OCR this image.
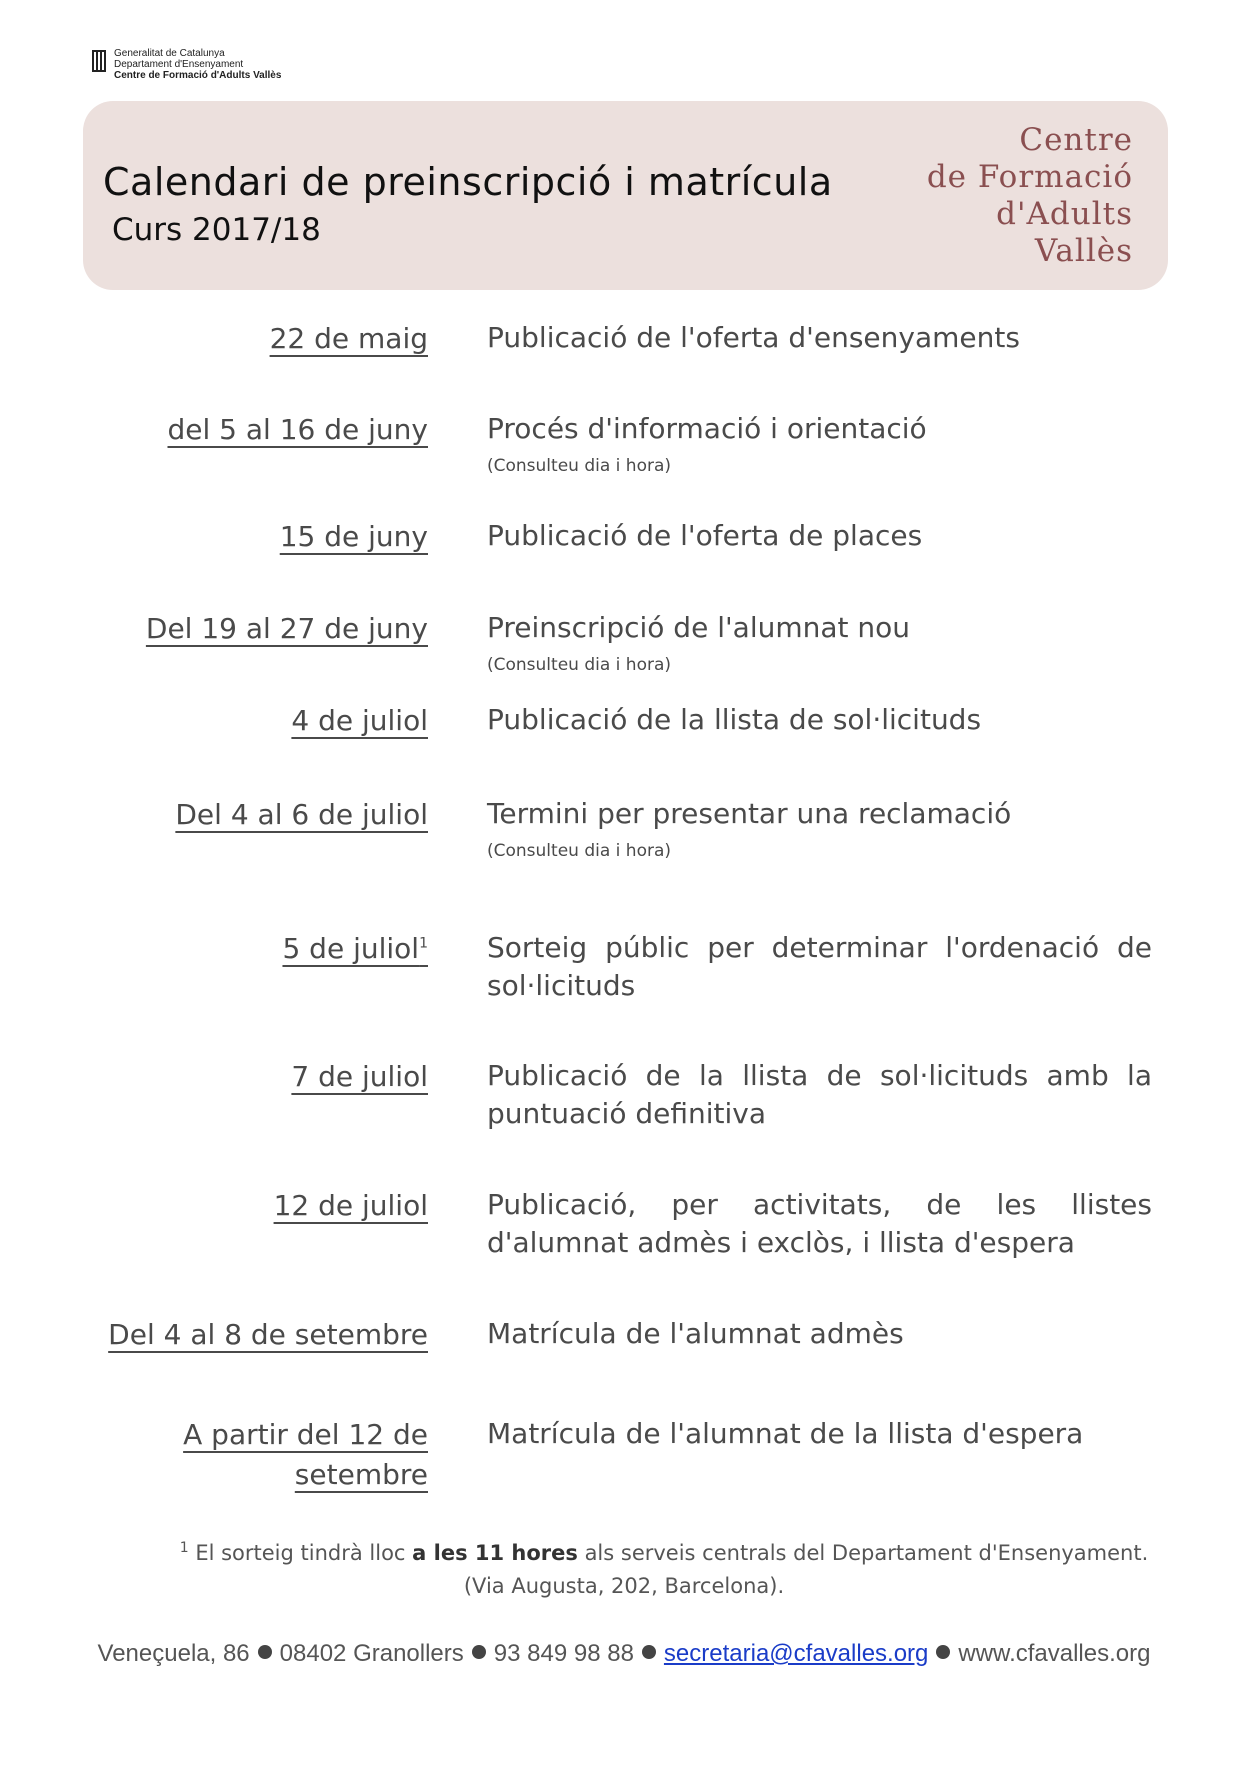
Generalitat de Catalunya
Departament d'Ensenyament
Centre de Formació d'Adults Vallès
Calendari de preinscripció i matrícula
Curs 2017/18
Centre
de Formació
d'Adults
Vallès
22 de maig Publicació de l'oferta d'ensenyaments
del 5 al 16 de juny Procés d'informació i orientació
(Consulteu dia i hora)
15 de juny Publicació de l'oferta de places
Del 19 al 27 de juny Preinscripció de l'alumnat nou
(Consulteu dia i hora)
4 de juliol Publicació de la llista de sol·licituds
Del 4 al 6 de juliol Termini per presentar una reclamació
(Consulteu dia i hora)
5 de juliol$^1$ Sorteig públic per determinar l'ordenació de sol·licituds
7 de juliol Publicació de la llista de sol·licituds amb la puntuació definitiva
12 de juliol Publicació, per activitats, de les llistes d'alumnat admès i exclòs, i llista d'espera
Del 4 al 8 de setembre Matrícula de l'alumnat admès
A partir del 12 de setembre
Matrícula de l'alumnat de la llista d'espera
$^1$ El sorteig tindrà lloc a les 11 hores als serveis centrals del Departament d'Ensenyament.
(Via Augusta, 202, Barcelona).
Veneçuela, 86 08402 Granollers 93 849 98 88 secretaria@cfavalles.org www.cfavalles.org
